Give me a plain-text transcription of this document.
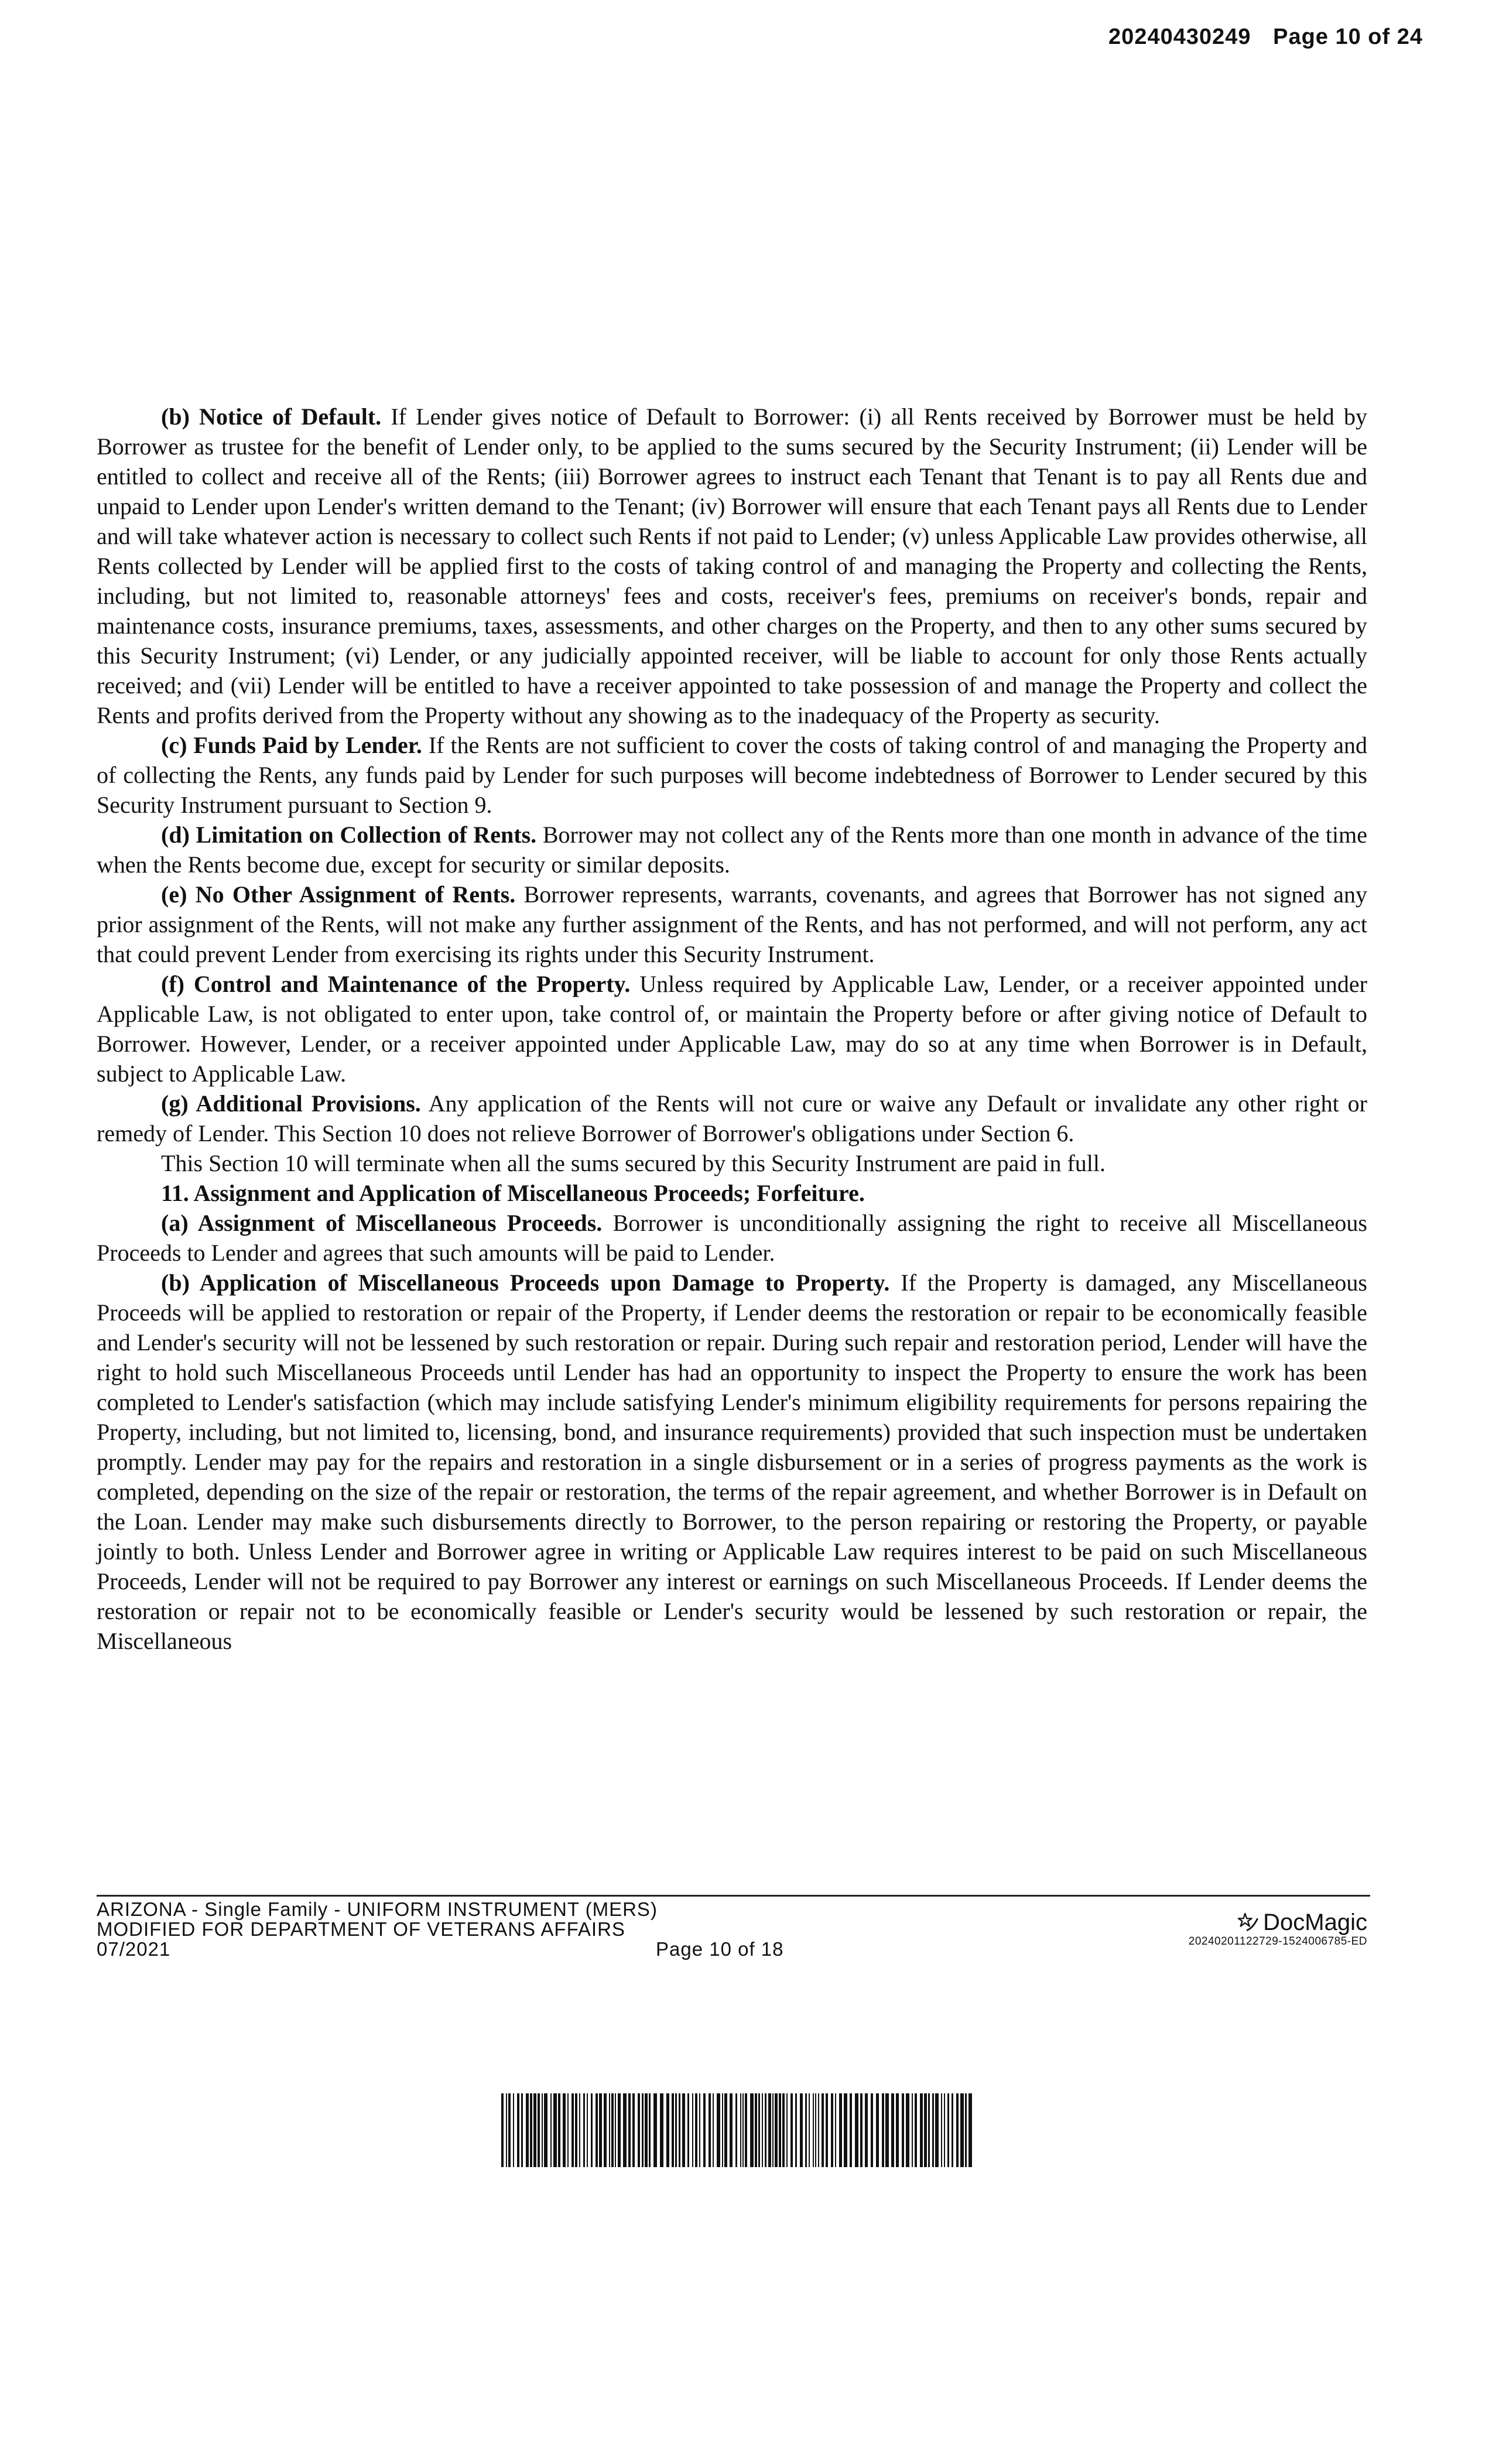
20240430249 Page 10 of 24

(b) Notice of Default. If Lender gives notice of Default to Borrower: (i) all Rents received by Borrower must be held by Borrower as trustee for the benefit of Lender only, to be applied to the sums secured by the Security Instrument; (ii) Lender will be entitled to collect and receive all of the Rents; (iii) Borrower agrees to instruct each Tenant that Tenant is to pay all Rents due and unpaid to Lender upon Lender's written demand to the Tenant; (iv) Borrower will ensure that each Tenant pays all Rents due to Lender and will take whatever action is necessary to collect such Rents if not paid to Lender; (v) unless Applicable Law provides otherwise, all Rents collected by Lender will be applied first to the costs of taking control of and managing the Property and collecting the Rents, including, but not limited to, reasonable attorneys' fees and costs, receiver's fees, premiums on receiver's bonds, repair and maintenance costs, insurance premiums, taxes, assessments, and other charges on the Property, and then to any other sums secured by this Security Instrument; (vi) Lender, or any judicially appointed receiver, will be liable to account for only those Rents actually received; and (vii) Lender will be entitled to have a receiver appointed to take possession of and manage the Property and collect the Rents and profits derived from the Property without any showing as to the inadequacy of the Property as security.

(c) Funds Paid by Lender. If the Rents are not sufficient to cover the costs of taking control of and managing the Property and of collecting the Rents, any funds paid by Lender for such purposes will become indebtedness of Borrower to Lender secured by this Security Instrument pursuant to Section 9.

(d) Limitation on Collection of Rents. Borrower may not collect any of the Rents more than one month in advance of the time when the Rents become due, except for security or similar deposits.

(e) No Other Assignment of Rents. Borrower represents, warrants, covenants, and agrees that Borrower has not signed any prior assignment of the Rents, will not make any further assignment of the Rents, and has not performed, and will not perform, any act that could prevent Lender from exercising its rights under this Security Instrument.

(f) Control and Maintenance of the Property. Unless required by Applicable Law, Lender, or a receiver appointed under Applicable Law, is not obligated to enter upon, take control of, or maintain the Property before or after giving notice of Default to Borrower. However, Lender, or a receiver appointed under Applicable Law, may do so at any time when Borrower is in Default, subject to Applicable Law.

(g) Additional Provisions. Any application of the Rents will not cure or waive any Default or invalidate any other right or remedy of Lender. This Section 10 does not relieve Borrower of Borrower's obligations under Section 6.

This Section 10 will terminate when all the sums secured by this Security Instrument are paid in full.

11. Assignment and Application of Miscellaneous Proceeds; Forfeiture.

(a) Assignment of Miscellaneous Proceeds. Borrower is unconditionally assigning the right to receive all Miscellaneous Proceeds to Lender and agrees that such amounts will be paid to Lender.

(b) Application of Miscellaneous Proceeds upon Damage to Property. If the Property is damaged, any Miscellaneous Proceeds will be applied to restoration or repair of the Property, if Lender deems the restoration or repair to be economically feasible and Lender's security will not be lessened by such restoration or repair. During such repair and restoration period, Lender will have the right to hold such Miscellaneous Proceeds until Lender has had an opportunity to inspect the Property to ensure the work has been completed to Lender's satisfaction (which may include satisfying Lender's minimum eligibility requirements for persons repairing the Property, including, but not limited to, licensing, bond, and insurance requirements) provided that such inspection must be undertaken promptly. Lender may pay for the repairs and restoration in a single disbursement or in a series of progress payments as the work is completed, depending on the size of the repair or restoration, the terms of the repair agreement, and whether Borrower is in Default on the Loan. Lender may make such disbursements directly to Borrower, to the person repairing or restoring the Property, or payable jointly to both. Unless Lender and Borrower agree in writing or Applicable Law requires interest to be paid on such Miscellaneous Proceeds, Lender will not be required to pay Borrower any interest or earnings on such Miscellaneous Proceeds. If Lender deems the restoration or repair not to be economically feasible or Lender's security would be lessened by such restoration or repair, the Miscellaneous

ARIZONA - Single Family - UNIFORM INSTRUMENT (MERS)
MODIFIED FOR DEPARTMENT OF VETERANS AFFAIRS
07/2021	Page 10 of 18
DocMagic
20240201122729-1524006785-ED
